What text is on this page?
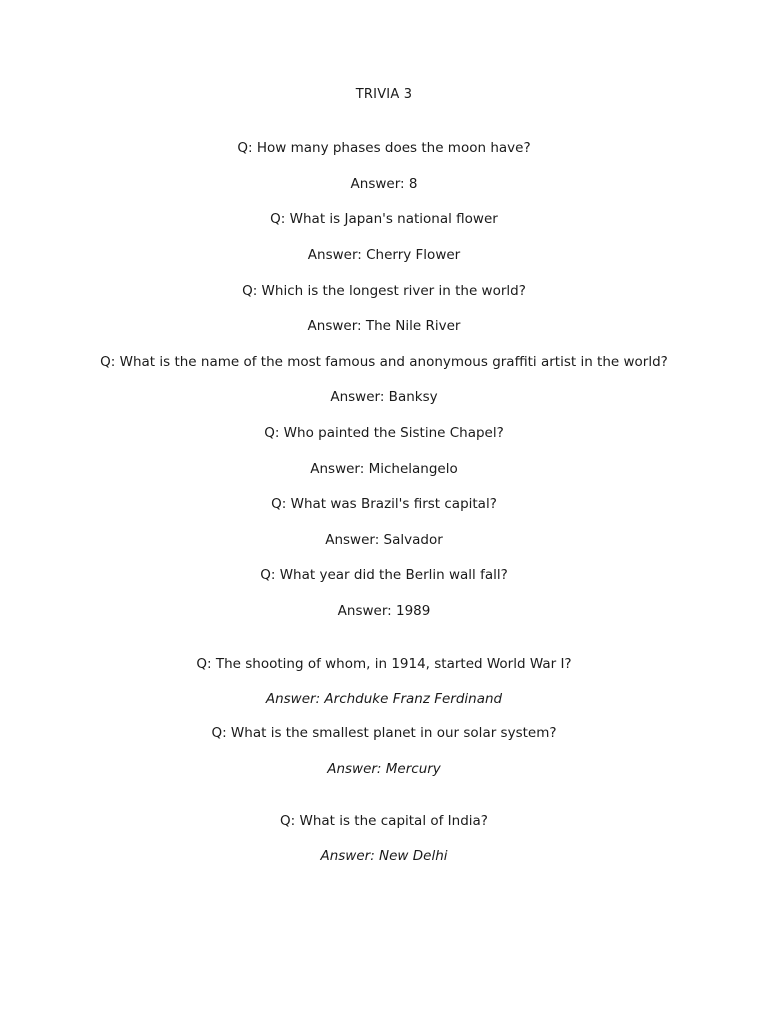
TRIVIA 3
Q: How many phases does the moon have?
Answer: 8
Q: What is Japan's national flower
Answer: Cherry Flower
Q: Which is the longest river in the world?
Answer: The Nile River
Q: What is the name of the most famous and anonymous graffiti artist in the world?
Answer: Banksy
Q: Who painted the Sistine Chapel?
Answer: Michelangelo
Q: What was Brazil's first capital?
Answer: Salvador
Q: What year did the Berlin wall fall?
Answer: 1989
Q: The shooting of whom, in 1914, started World War I?
Answer: Archduke Franz Ferdinand
Q: What is the smallest planet in our solar system?
Answer: Mercury
Q: What is the capital of India?
Answer: New Delhi
